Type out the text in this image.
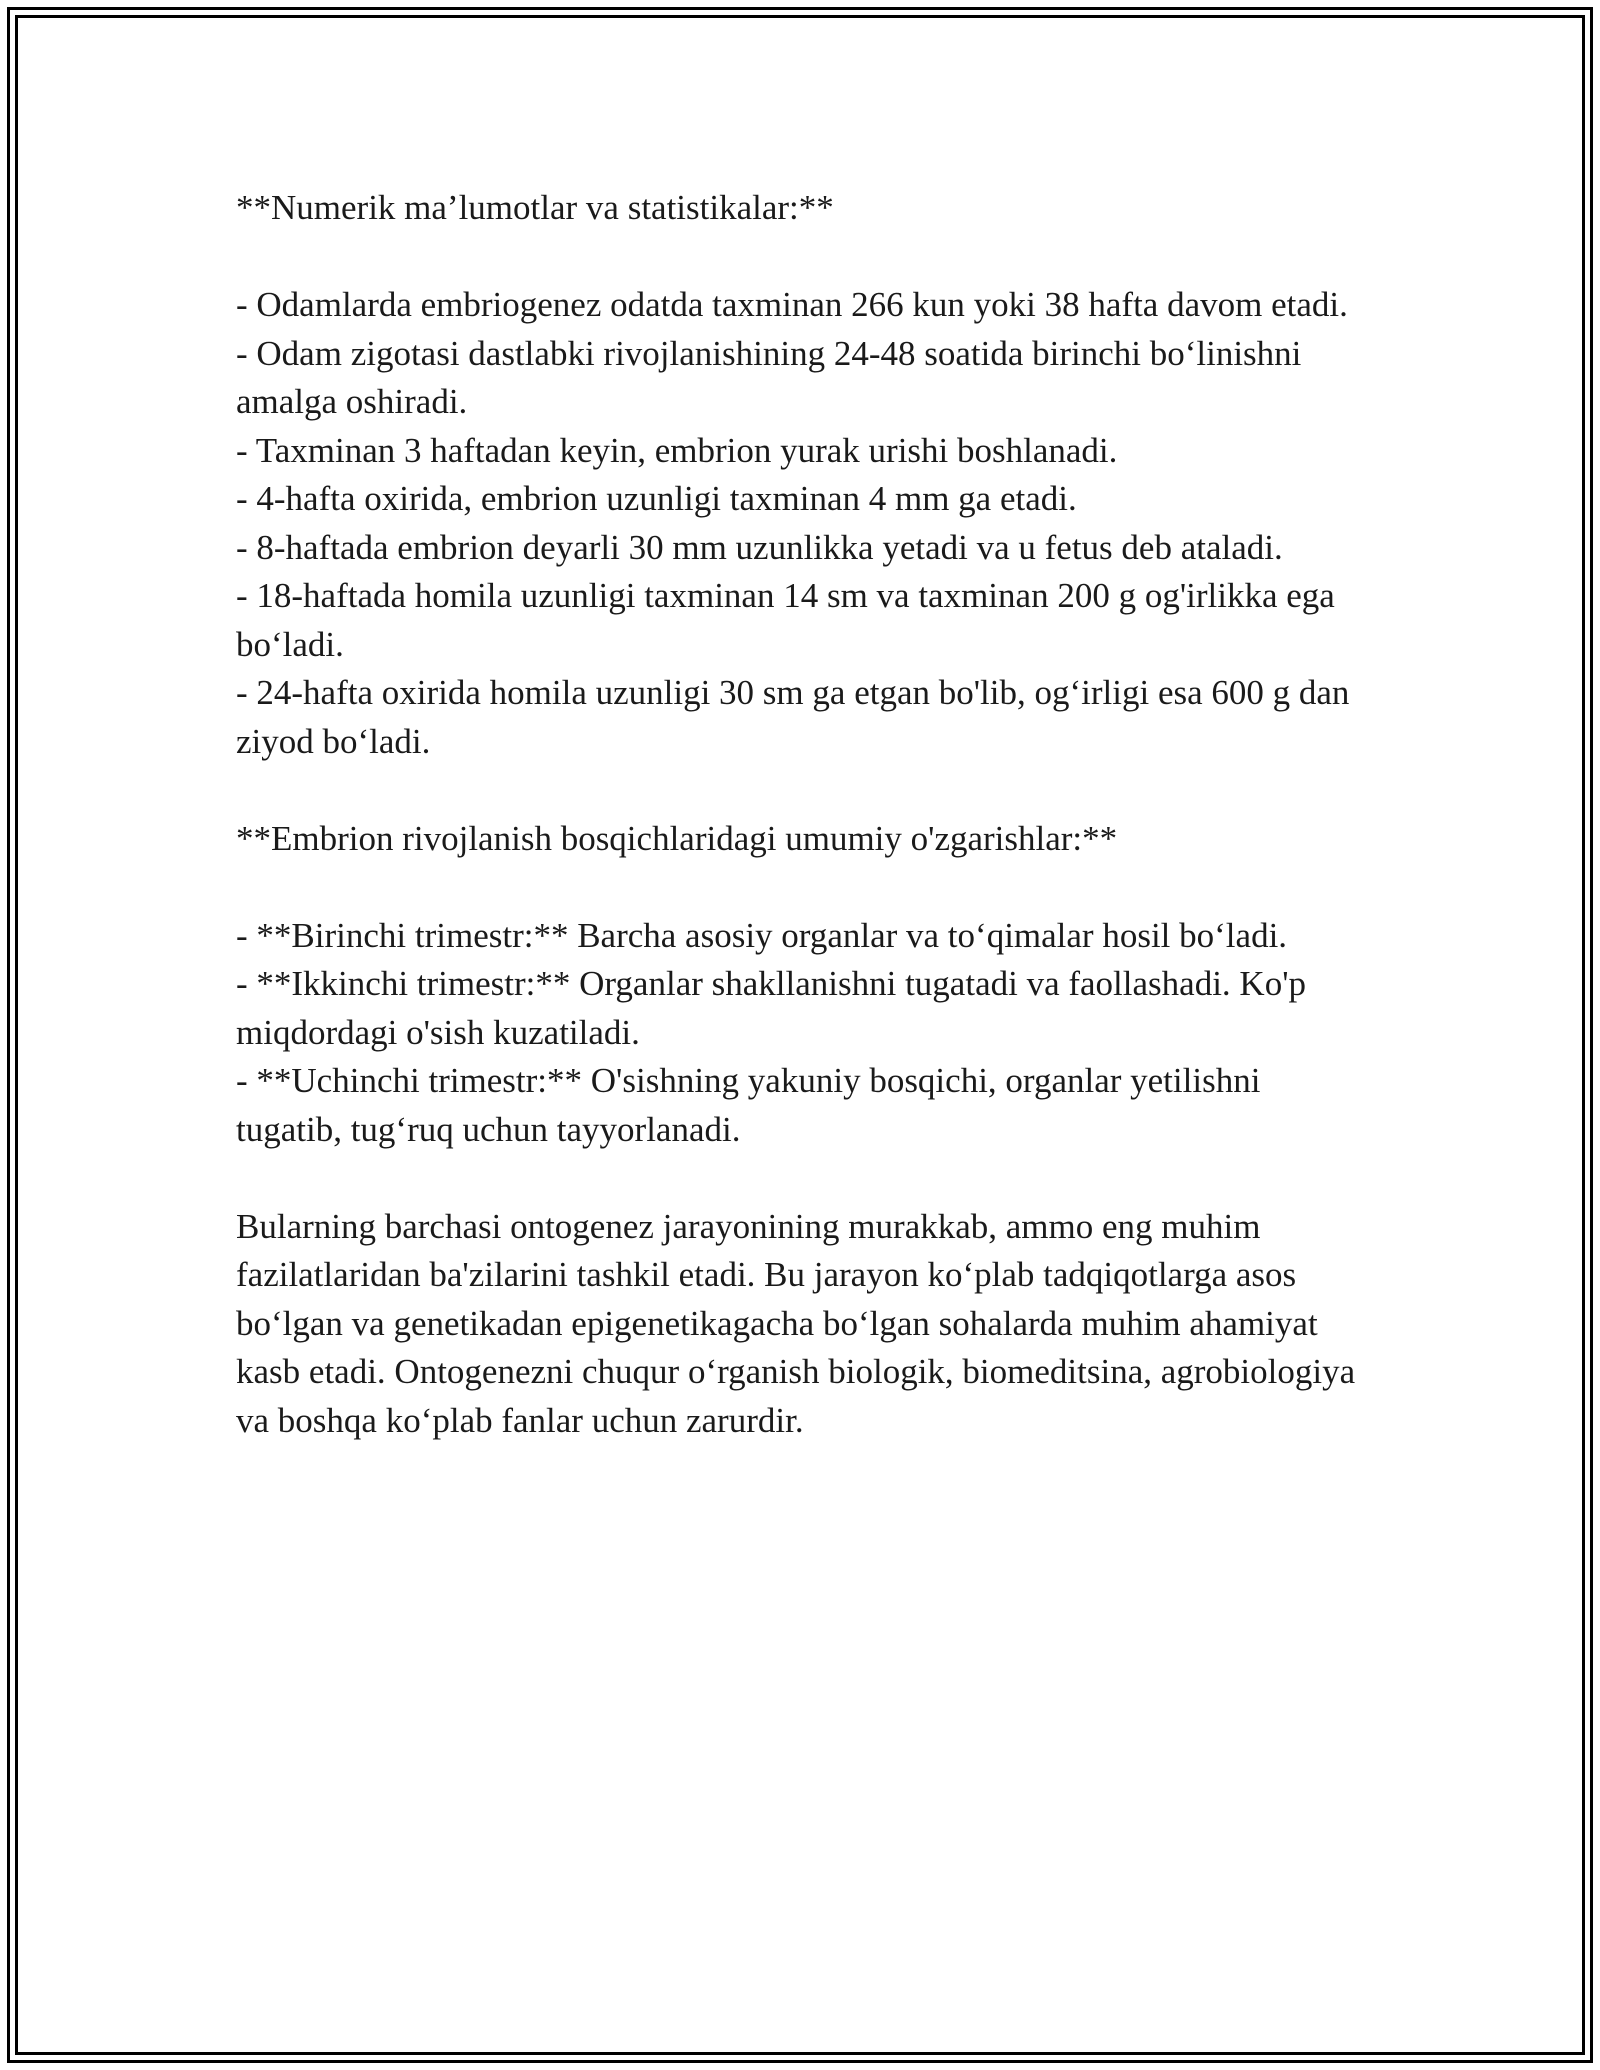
**Numerik ma’lumotlar va statistikalar:**

- Odamlarda embriogenez odatda taxminan 266 kun yoki 38 hafta davom etadi.

- Odam zigotasi dastlabki rivojlanishining 24-48 soatida birinchi bo‘linishni amalga oshiradi.

- Taxminan 3 haftadan keyin, embrion yurak urishi boshlanadi.

- 4-hafta oxirida, embrion uzunligi taxminan 4 mm ga etadi.

- 8-haftada embrion deyarli 30 mm uzunlikka yetadi va u fetus deb ataladi.

- 18-haftada homila uzunligi taxminan 14 sm va taxminan 200 g og'irlikka ega bo‘ladi.

- 24-hafta oxirida homila uzunligi 30 sm ga etgan bo'lib, og‘irligi esa 600 g dan ziyod bo‘ladi.

**Embrion rivojlanish bosqichlaridagi umumiy o'zgarishlar:**

- **Birinchi trimestr:** Barcha asosiy organlar va to‘qimalar hosil bo‘ladi.

- **Ikkinchi trimestr:** Organlar shakllanishni tugatadi va faollashadi. Ko'p miqdordagi o'sish kuzatiladi.

- **Uchinchi trimestr:** O'sishning yakuniy bosqichi, organlar yetilishni tugatib, tug‘ruq uchun tayyorlanadi.

Bularning barchasi ontogenez jarayonining murakkab, ammo eng muhim fazilatlaridan ba'zilarini tashkil etadi. Bu jarayon ko‘plab tadqiqotlarga asos bo‘lgan va genetikadan epigenetikagacha bo‘lgan sohalarda muhim ahamiyat kasb etadi. Ontogenezni chuqur o‘rganish biologik, biomeditsina, agrobiologiya va boshqa ko‘plab fanlar uchun zarurdir.
